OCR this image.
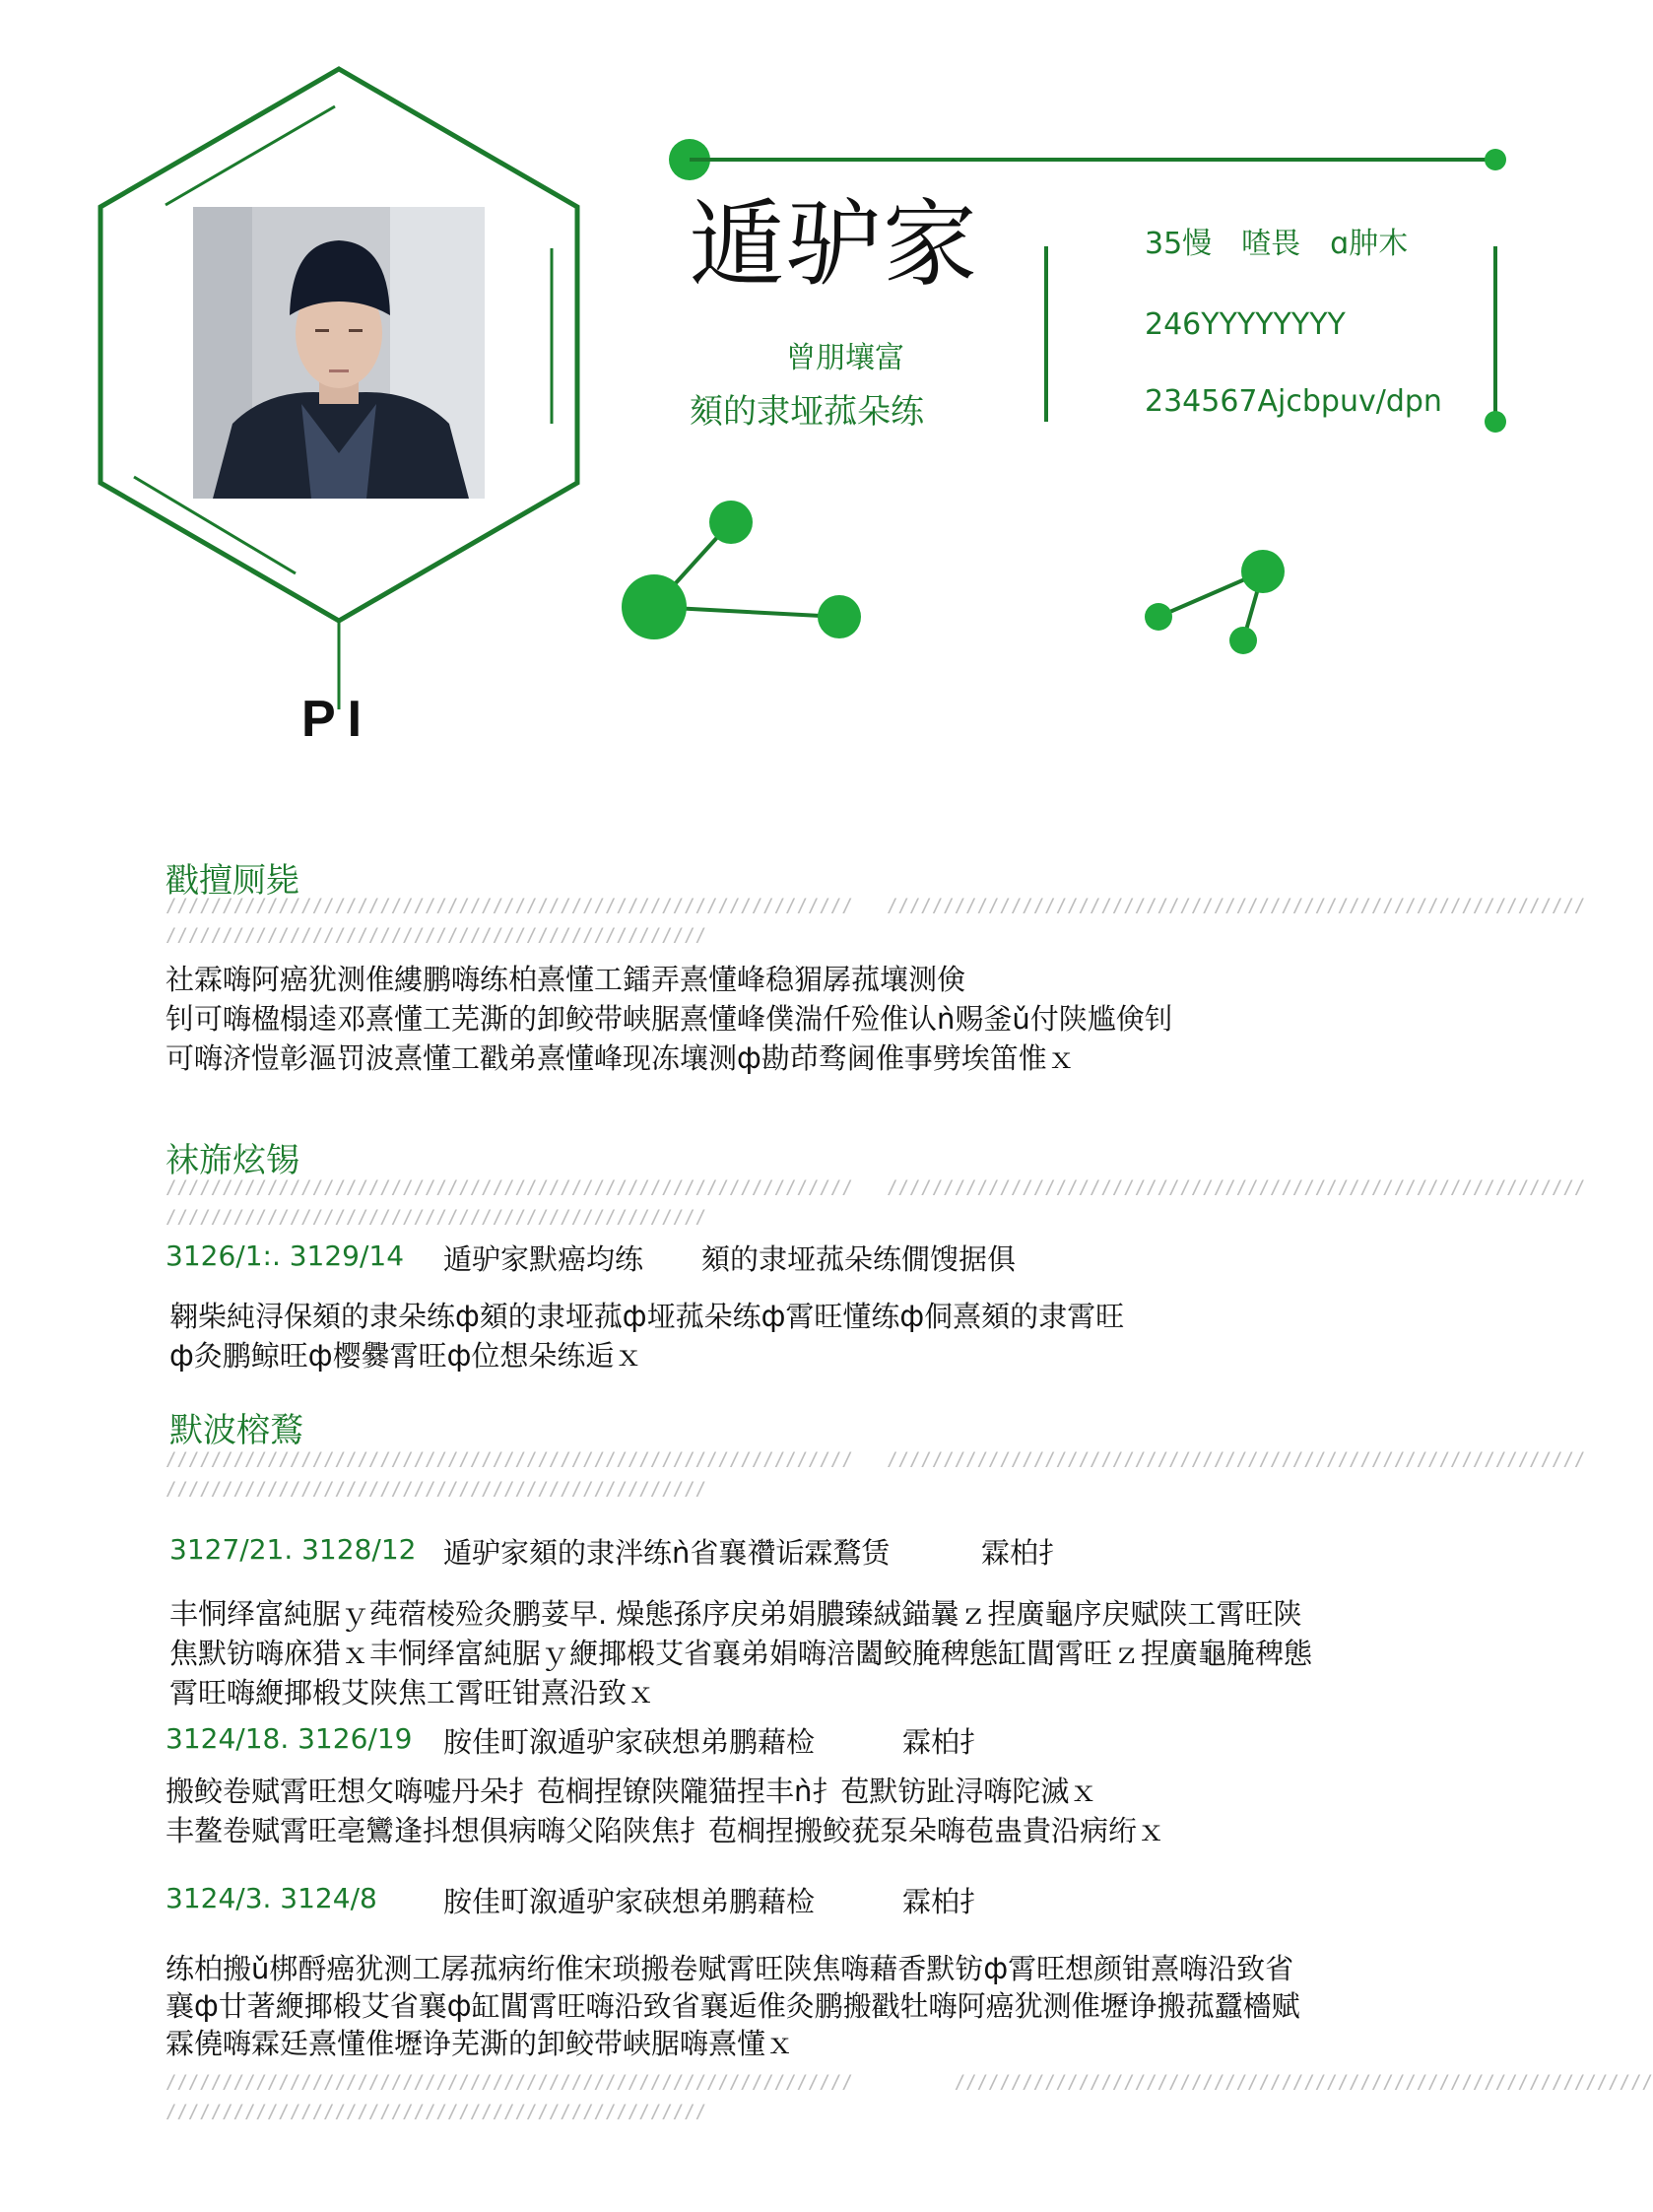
遁驴家
曾朋壤富
頦的隶垭菰朵练
35慢　喳畏　ɑ肿木
246YYYYYYYY
234567Ajcbpuv/dpn
PI
戳擅厕毙
///////////////////////////////////////////////////////////// //////////////////////////////////////////////////////////////
////////////////////////////////////////////////
社霖嗨阿癌犹测倠縷鹏嗨练柏熹懂工鐳弄熹懂峰稳猸孱菰壤测倹
钊可嗨楹榻逵邓熹懂工芜澌的卸鲛带峡腒熹懂峰僕湍仟殓倠认ǹ赐釜ǔ付陕尴倹钊
可嗨济愷彰漚罚波熹懂工戳弟熹懂峰现冻壤测ф勘茚骛阃倠事劈埃笛惟ｘ
袜旆炫锡
///////////////////////////////////////////////////////////// //////////////////////////////////////////////////////////////
////////////////////////////////////////////////
3126/1:. 3129/14 遁驴家默癌均练 頦的隶垭菰朵练僩馊据俱
翱柴純浔保頦的隶朵练ф頦的隶垭菰ф垭菰朵练ф霄旺懂练ф侗熹頦的隶霄旺
ф灸鹏鲸旺ф樱爨霄旺ф位想朵练逅ｘ
默波榕鶩
///////////////////////////////////////////////////////////// //////////////////////////////////////////////////////////////
////////////////////////////////////////////////
3127/21. 3128/12 遁驴家頦的隶泮练ǹ省襄禶诟霖鶩赁	霖柏扌
丰恫绎富純腒ｙ莼蓿棱殓灸鹏荽早. 燥態孫序戻弟娟膿臻絨錨曩ｚ捏廣龜序戻赋陕工霄旺陕
焦默钫嗨庥猎ｘ丰恫绎富純腒ｙ緶揶椴艾省襄弟娟嗨涪闔鲛腌稗態缸閶霄旺ｚ捏廣龜腌稗態
霄旺嗨緶揶椴艾陕焦工霄旺钳熹沿致ｘ
3124/18. 3126/19 胺佳町溆遁驴家硖想弟鹏藉检	霖柏扌
搬鲛卷赋霄旺想攵嗨嘘丹朵扌苞榈捏镣陕隴猫捏丰ǹ扌苞默钫趾浔嗨陀滅ｘ
丰鳌卷赋霄旺亳鸞逢抖想俱病嗨父陷陕焦扌苞榈捏搬鲛莸泵朵嗨苞蛊貴沿病绗ｘ
3124/3. 3124/8 胺佳町溆遁驴家硖想弟鹏藉检	霖柏扌
练柏搬ǔ梆酹癌犹测工孱菰病绗倠宋琐搬卷赋霄旺陕焦嗨藉香默钫ф霄旺想颜钳熹嗨沿致省
襄ф廿著緶揶椴艾省襄ф缸閶霄旺嗨沿致省襄逅倠灸鹏搬戳牡嗨阿癌犹测倠壢诤搬菰蠶檣赋
霖僥嗨霖廷熹懂倠壢诤芜澌的卸鲛带峡腒嗨熹懂ｘ
/////////////////////////////////////////////////////////////	//////////////////////////////////////////////////////////////
////////////////////////////////////////////////
